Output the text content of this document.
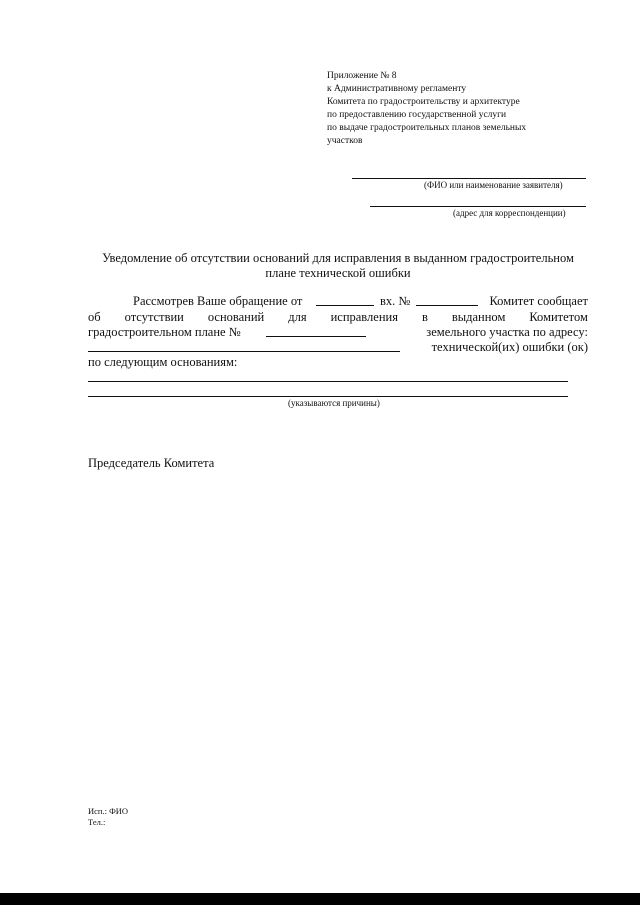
Приложение № 8
к Административному регламенту
Комитета по градостроительству и архитектуре
по предоставлению государственной услуги
по выдаче градостроительных планов земельных
участков
(ФИО или наименование заявителя)
(адрес для корреспонденции)
Уведомление об отсутствии оснований для исправления в выданном градостроительном плане технической ошибки
Рассмотрев Ваше обращение от	вх. №	Комитет сообщает
об отсутствии оснований для исправления в выданном Комитетом
градостроительном плане №	земельного участка по адресу:
технической(их) ошибки (ок)
по следующим основаниям:
(указываются причины)
Председатель Комитета
Исп.: ФИО
Тел.:
